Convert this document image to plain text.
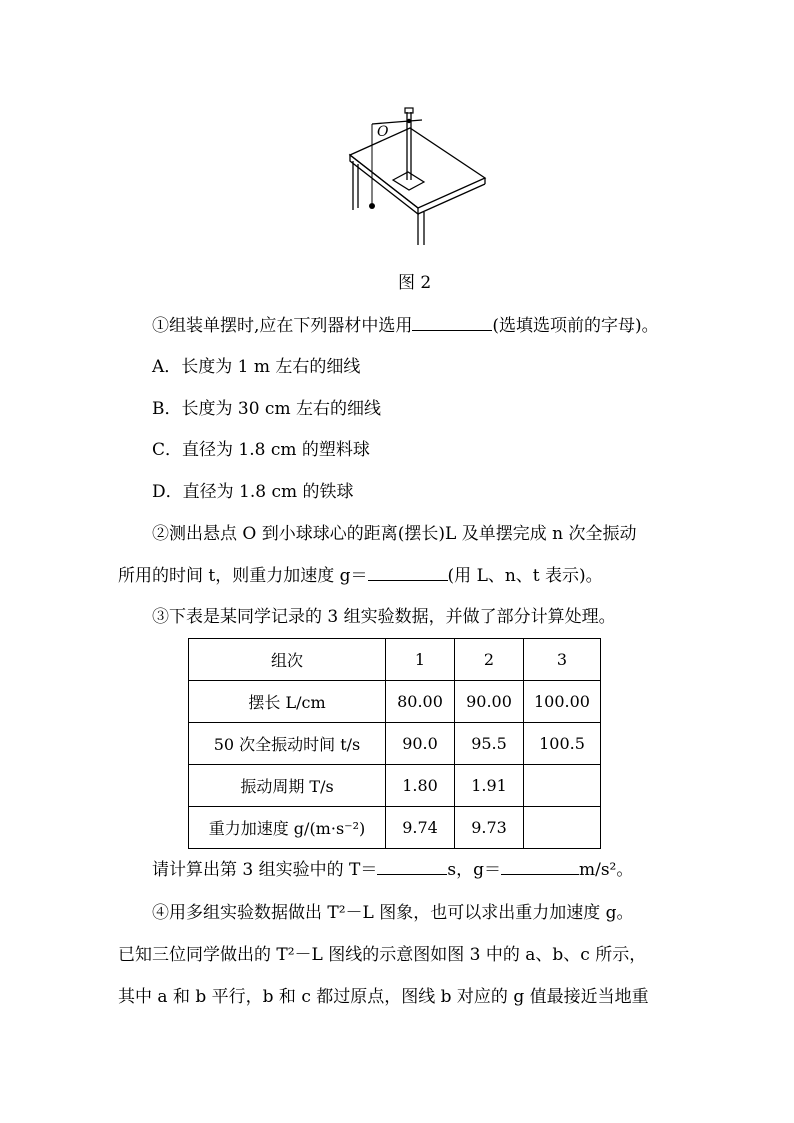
O
图 2
①组装单摆时,应在下列器材中选用	(选填选项前的字母)。
A．长度为 1 m 左右的细线
B．长度为 30 cm 左右的细线
C．直径为 1.8 cm 的塑料球
D．直径为 1.8 cm 的铁球
②测出悬点 O 到小球球心的距离(摆长)L 及单摆完成 n 次全振动
所用的时间 t，则重力加速度 g＝	(用 L、n、t 表示)。
③下表是某同学记录的 3 组实验数据，并做了部分计算处理。
组次	1	2	3
摆长 L/cm	80.00	90.00	100.00
50 次全振动时间 t/s	90.0	95.5	100.5
振动周期 T/s	1.80	1.91	
重力加速度 g/(m·s⁻²)	9.74	9.73	
请计算出第 3 组实验中的 T＝	s，g＝	m/s²。
④用多组实验数据做出 T²－L 图象，也可以求出重力加速度 g。
已知三位同学做出的 T²－L 图线的示意图如图 3 中的 a、b、c 所示，
其中 a 和 b 平行，b 和 c 都过原点，图线 b 对应的 g 值最接近当地重
